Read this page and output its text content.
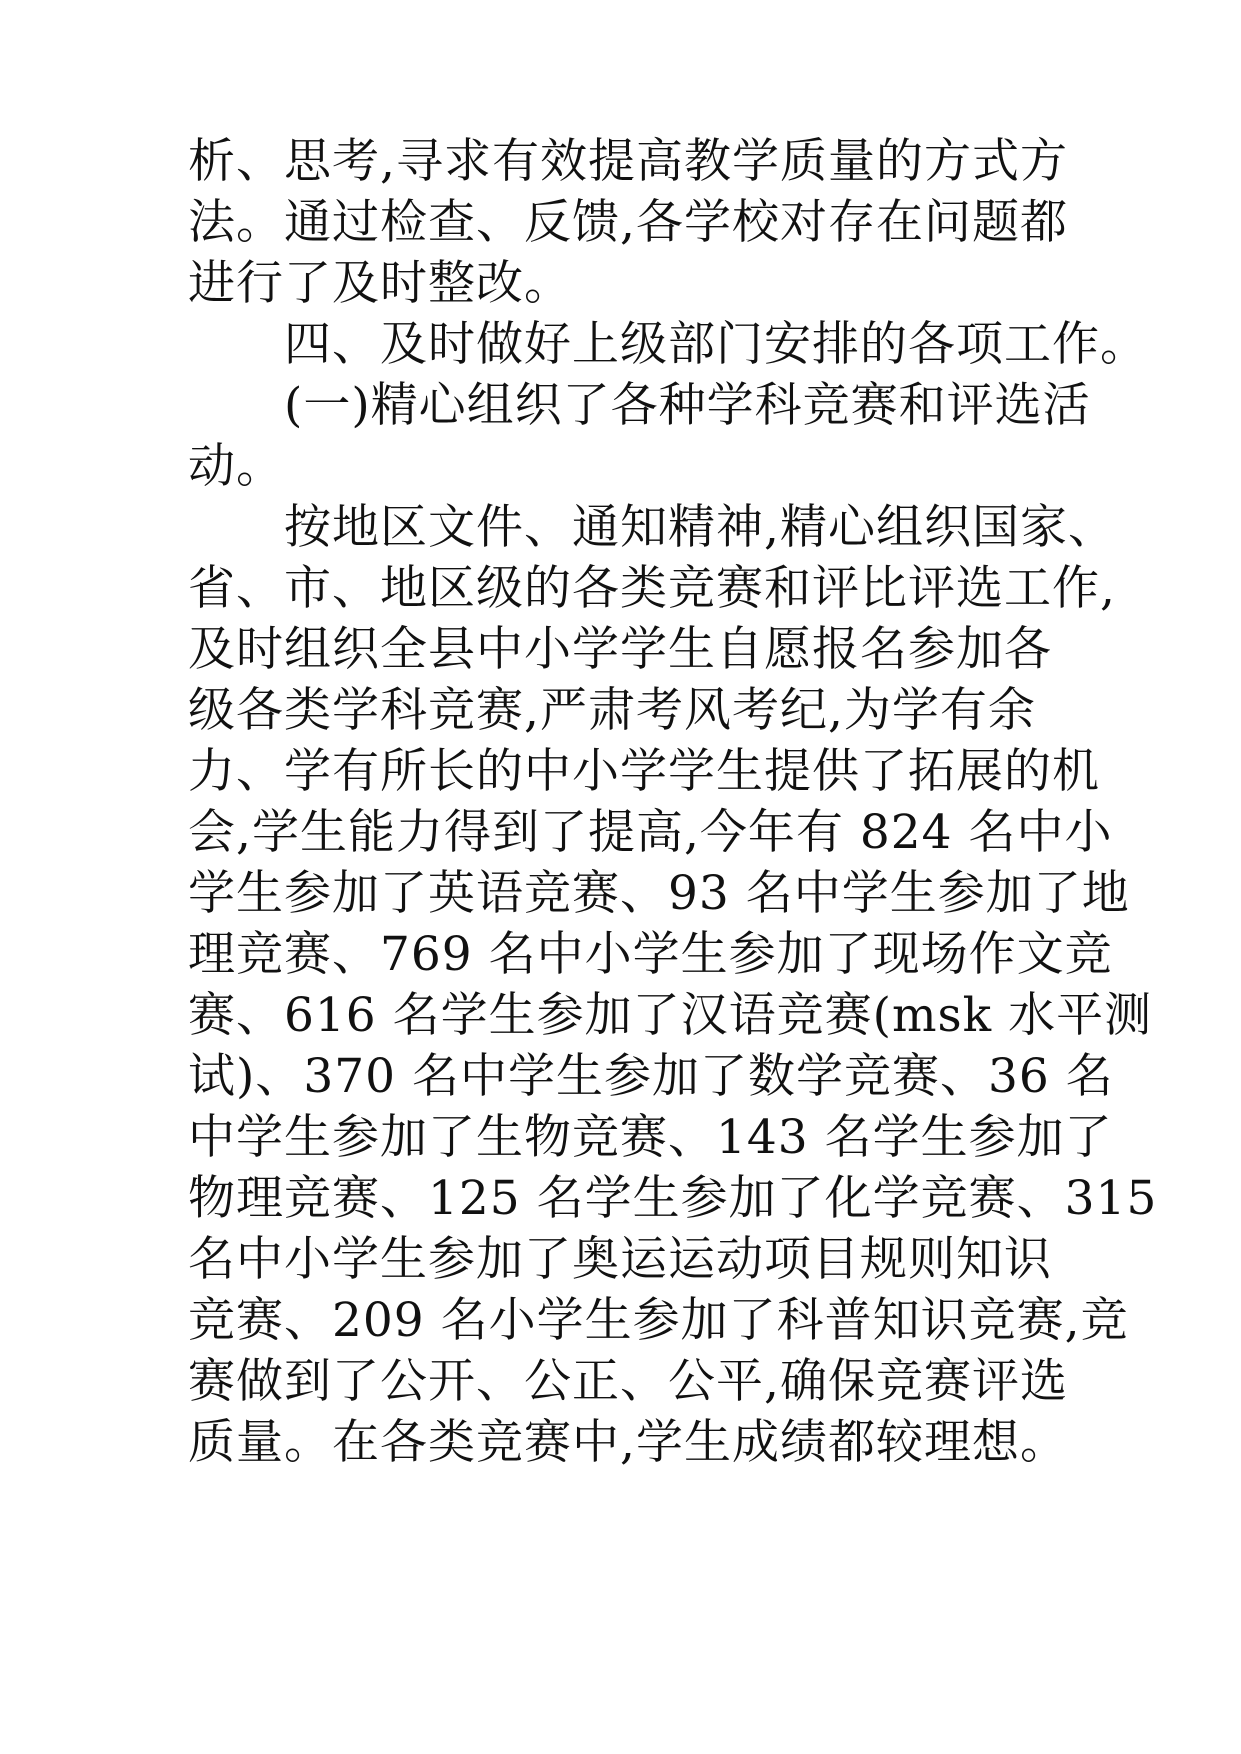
析、思考,寻求有效提高教学质量的方式方
法。通过检查、反馈,各学校对存在问题都
进行了及时整改。
　　四、及时做好上级部门安排的各项工作。
　　(一)精心组织了各种学科竞赛和评选活
动。
　　按地区文件、通知精神,精心组织国家、
省、市、地区级的各类竞赛和评比评选工作,
及时组织全县中小学学生自愿报名参加各
级各类学科竞赛,严肃考风考纪,为学有余
力、学有所长的中小学学生提供了拓展的机
会,学生能力得到了提高,今年有 824 名中小
学生参加了英语竞赛、93 名中学生参加了地
理竞赛、769 名中小学生参加了现场作文竞
赛、616 名学生参加了汉语竞赛(msk 水平测
试)、370 名中学生参加了数学竞赛、36 名
中学生参加了生物竞赛、143 名学生参加了
物理竞赛、125 名学生参加了化学竞赛、315
名中小学生参加了奥运运动项目规则知识
竞赛、209 名小学生参加了科普知识竞赛,竞
赛做到了公开、公正、公平,确保竞赛评选
质量。在各类竞赛中,学生成绩都较理想。
